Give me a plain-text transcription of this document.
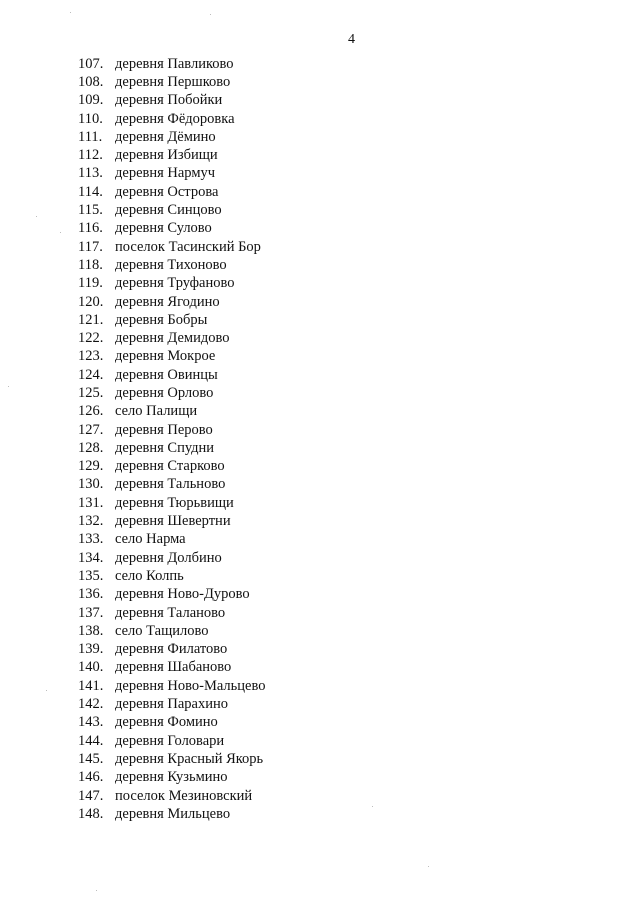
4
107. деревня Павликово
108. деревня Першково
109. деревня Побойки
110. деревня Фёдоровка
111. деревня Дёмино
112. деревня Избищи
113. деревня Нармуч
114. деревня Острова
115. деревня Синцово
116. деревня Сулово
117. поселок Тасинский Бор
118. деревня Тихоново
119. деревня Труфаново
120. деревня Ягодино
121. деревня Бобры
122. деревня Демидово
123. деревня Мокрое
124. деревня Овинцы
125. деревня Орлово
126. село Палищи
127. деревня Перово
128. деревня Спудни
129. деревня Старково
130. деревня Тальново
131. деревня Тюрьвищи
132. деревня Шевертни
133. село Нарма
134. деревня Долбино
135. село Колпь
136. деревня Ново-Дурово
137. деревня Таланово
138. село Тащилово
139. деревня Филатово
140. деревня Шабаново
141. деревня Ново-Мальцево
142. деревня Парахино
143. деревня Фомино
144. деревня Головари
145. деревня Красный Якорь
146. деревня Кузьмино
147. поселок Мезиновский
148. деревня Мильцево
